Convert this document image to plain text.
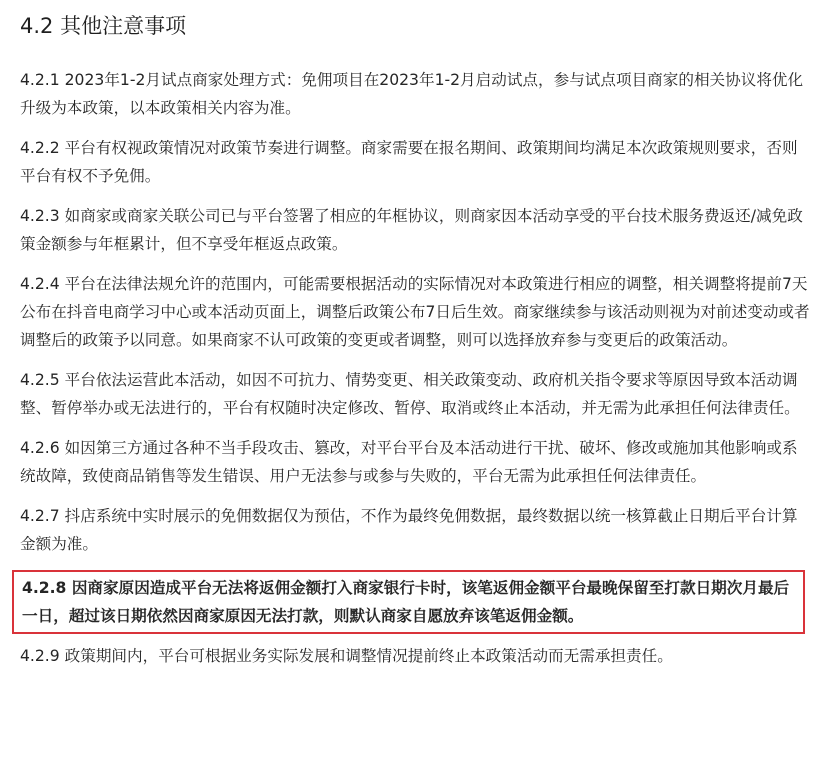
4.2 其他注意事项

4.2.1 2023年1-2月试点商家处理方式：免佣项目在2023年1-2月启动试点，参与试点项目商家的相关协议将优化升级为本政策，以本政策相关内容为准。

4.2.2 平台有权视政策情况对政策节奏进行调整。商家需要在报名期间、政策期间均满足本次政策规则要求，否则平台有权不予免佣。

4.2.3 如商家或商家关联公司已与平台签署了相应的年框协议，则商家因本活动享受的平台技术服务费返还/减免政策金额参与年框累计，但不享受年框返点政策。

4.2.4 平台在法律法规允许的范围内，可能需要根据活动的实际情况对本政策进行相应的调整，相关调整将提前7天公布在抖音电商学习中心或本活动页面上，调整后政策公布7日后生效。商家继续参与该活动则视为对前述变动或者调整后的政策予以同意。如果商家不认可政策的变更或者调整，则可以选择放弃参与变更后的政策活动。

4.2.5 平台依法运营此本活动，如因不可抗力、情势变更、相关政策变动、政府机关指令要求等原因导致本活动调整、暂停举办或无法进行的，平台有权随时决定修改、暂停、取消或终止本活动，并无需为此承担任何法律责任。

4.2.6 如因第三方通过各种不当手段攻击、篡改，对平台平台及本活动进行干扰、破坏、修改或施加其他影响或系统故障，致使商品销售等发生错误、用户无法参与或参与失败的，平台无需为此承担任何法律责任。

4.2.7 抖店系统中实时展示的免佣数据仅为预估，不作为最终免佣数据，最终数据以统一核算截止日期后平台计算金额为准。

4.2.8 因商家原因造成平台无法将返佣金额打入商家银行卡时，该笔返佣金额平台最晚保留至打款日期次月最后一日，超过该日期依然因商家原因无法打款，则默认商家自愿放弃该笔返佣金额。

4.2.9 政策期间内，平台可根据业务实际发展和调整情况提前终止本政策活动而无需承担责任。
